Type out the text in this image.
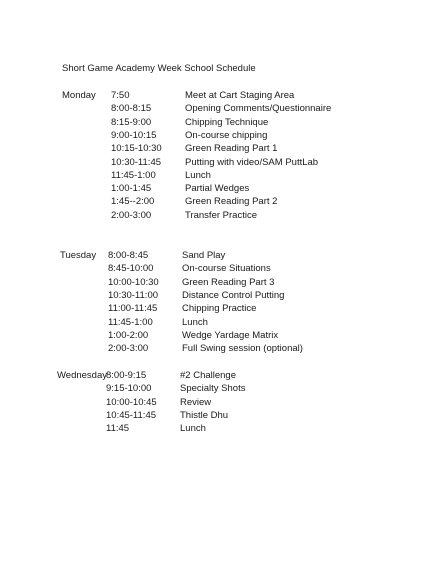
Short Game Academy Week School Schedule
Monday 7:50	Meet at Cart Staging Area
8:00-8:15	Opening Comments/Questionnaire
8:15-9:00	Chipping Technique
9:00-10:15	On-course chipping
10:15-10:30 Green Reading Part 1
10:30-11:45	Putting with video/SAM PuttLab
11:45-1:00	Lunch
1:00-1:45	Partial Wedges
1:45--2:00	Green Reading Part 2
2:00-3:00	Transfer Practice
Tuesday 8:00-8:45	Sand Play
8:45-10:00	On-course Situations
10:00-10:30 Green Reading Part 3
10:30-11:00	Distance Control Putting
11:00-11:45	Chipping Practice
11:45-1:00	Lunch
1:00-2:00	Wedge Yardage Matrix
2:00-3:00	Full Swing session (optional)
Wednesday 8:00-9:15	#2 Challenge
9:15-10:00	Specialty Shots
10:00-10:45 Review
10:45-11:45	Thistle Dhu
11:45	Lunch
